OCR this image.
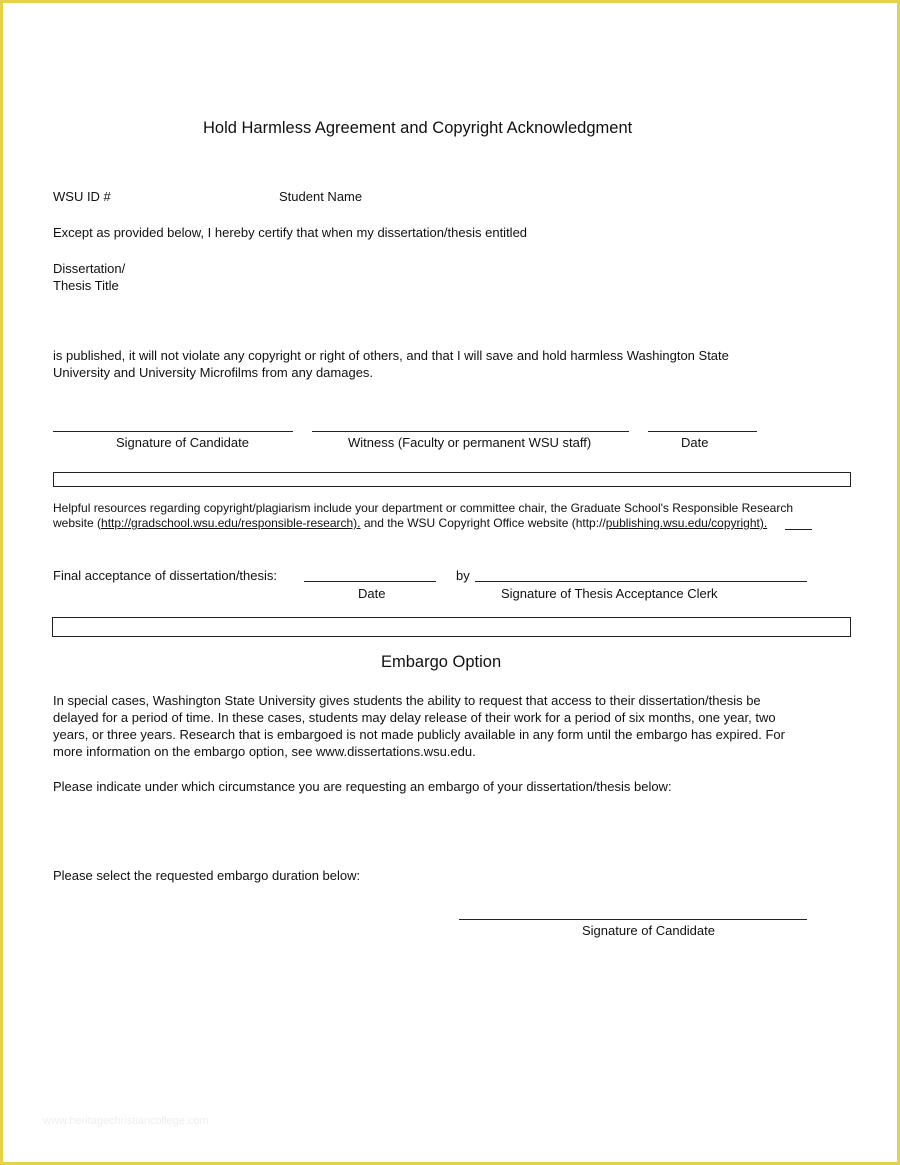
Hold Harmless Agreement and Copyright Acknowledgment
WSU ID #	Student Name
Except as provided below, I hereby certify that when my dissertation/thesis entitled
Dissertation/
Thesis Title
is published, it will not violate any copyright or right of others, and that I will save and hold harmless Washington State University and University Microfilms from any damages.
Signature of Candidate	Witness (Faculty or permanent WSU staff)	Date
Helpful resources regarding copyright/plagiarism include your department or committee chair, the Graduate School's Responsible Research
website (http://gradschool.wsu.edu/responsible-research). and the WSU Copyright Office website (http://publishing.wsu.edu/copyright).
Final acceptance of dissertation/thesis:	by
Date	Signature of Thesis Acceptance Clerk
Embargo Option
In special cases, Washington State University gives students the ability to request that access to their dissertation/thesis be delayed for a period of time. In these cases, students may delay release of their work for a period of six months, one year, two years, or three years. Research that is embargoed is not made publicly available in any form until the embargo has expired. For more information on the embargo option, see www.dissertations.wsu.edu.
Please indicate under which circumstance you are requesting an embargo of your dissertation/thesis below:
Please select the requested embargo duration below:
Signature of Candidate
www.heritagechristiancollege.com
